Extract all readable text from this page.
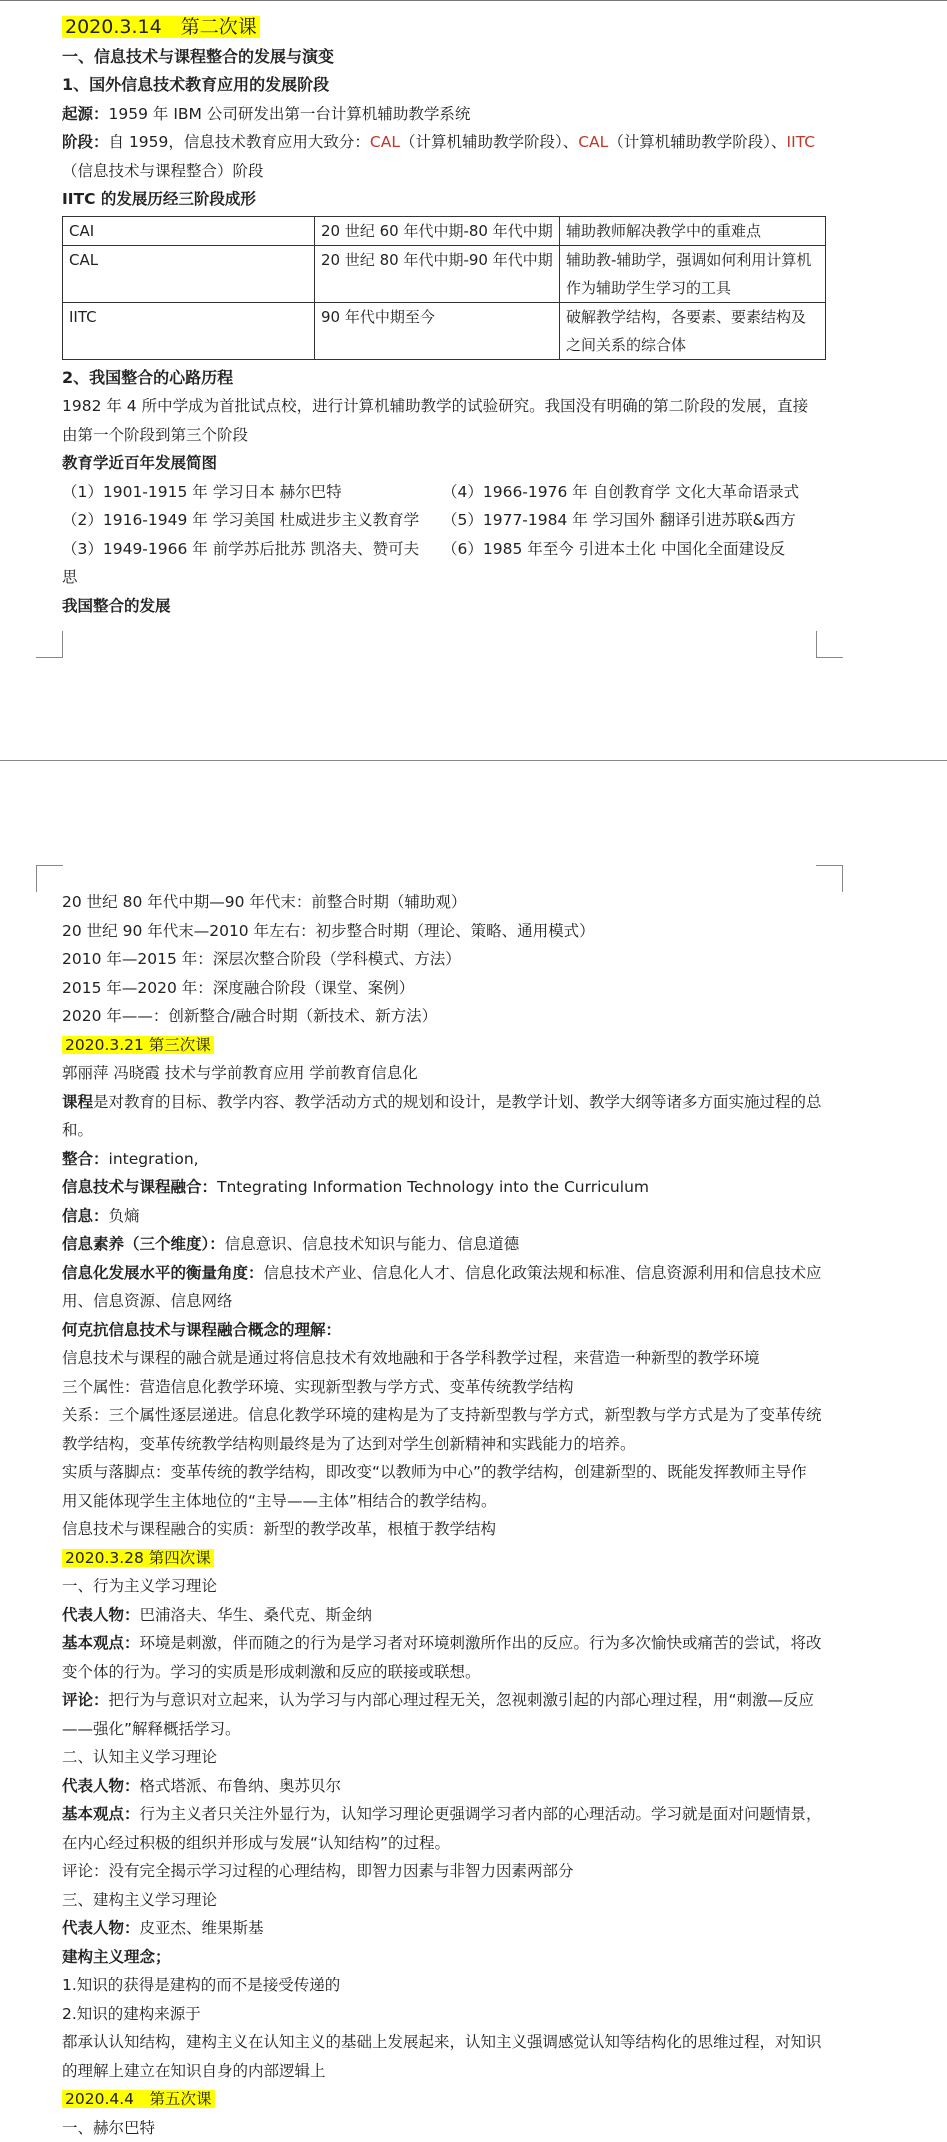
2020.3.14　第二次课
一、信息技术与课程整合的发展与演变
1、国外信息技术教育应用的发展阶段
起源：1959 年 IBM 公司研发出第一台计算机辅助教学系统
阶段：自 1959，信息技术教育应用大致分：CAL（计算机辅助教学阶段）、CAL（计算机辅助教学阶段）、IITC（信息技术与课程整合）阶段
IITC 的发展历经三阶段成形
CAI	20 世纪 60 年代中期-80 年代中期	辅助教师解决教学中的重难点
CAL	20 世纪 80 年代中期-90 年代中期	辅助教-辅助学，强调如何利用计算机作为辅助学生学习的工具
IITC	90 年代中期至今	破解教学结构，各要素、要素结构及之间关系的综合体
2、我国整合的心路历程
1982 年 4 所中学成为首批试点校，进行计算机辅助教学的试验研究。我国没有明确的第二阶段的发展，直接由第一个阶段到第三个阶段
教育学近百年发展简图
（1）1901-1915 年 学习日本 赫尔巴特
（2）1916-1949 年 学习美国 杜威进步主义教育学
（3）1949-1966 年 前学苏后批苏 凯洛夫、赞可夫
（4）1966-1976 年 自创教育学 文化大革命语录式
（5）1977-1984 年 学习国外 翻译引进苏联&西方
（6）1985 年至今 引进本土化 中国化全面建设反
思
我国整合的发展
20 世纪 80 年代中期—90 年代末：前整合时期（辅助观）
20 世纪 90 年代末—2010 年左右：初步整合时期（理论、策略、通用模式）
2010 年—2015 年：深层次整合阶段（学科模式、方法）
2015 年—2020 年：深度融合阶段（课堂、案例）
2020 年——：创新整合/融合时期（新技术、新方法）
2020.3.21 第三次课
郭丽萍 冯晓霞 技术与学前教育应用 学前教育信息化
课程是对教育的目标、教学内容、教学活动方式的规划和设计，是教学计划、教学大纲等诸多方面实施过程的总和。
整合：integration,
信息技术与课程融合：Tntegrating Information Technology into the Curriculum
信息：负熵
信息素养（三个维度）：信息意识、信息技术知识与能力、信息道德
信息化发展水平的衡量角度：信息技术产业、信息化人才、信息化政策法规和标准、信息资源利用和信息技术应用、信息资源、信息网络
何克抗信息技术与课程融合概念的理解：
信息技术与课程的融合就是通过将信息技术有效地融和于各学科教学过程，来营造一种新型的教学环境
三个属性：营造信息化教学环境、实现新型教与学方式、变革传统教学结构
关系：三个属性逐层递进。信息化教学环境的建构是为了支持新型教与学方式，新型教与学方式是为了变革传统教学结构，变革传统教学结构则最终是为了达到对学生创新精神和实践能力的培养。
实质与落脚点：变革传统的教学结构，即改变“以教师为中心”的教学结构，创建新型的、既能发挥教师主导作用又能体现学生主体地位的“主导——主体”相结合的教学结构。
信息技术与课程融合的实质：新型的教学改革，根植于教学结构
2020.3.28 第四次课
一、行为主义学习理论
代表人物：巴浦洛夫、华生、桑代克、斯金纳
基本观点：环境是刺激，伴而随之的行为是学习者对环境刺激所作出的反应。行为多次愉快或痛苦的尝试，将改变个体的行为。学习的实质是形成刺激和反应的联接或联想。
评论：把行为与意识对立起来，认为学习与内部心理过程无关，忽视刺激引起的内部心理过程，用“刺激—反应——强化”解释概括学习。
二、认知主义学习理论
代表人物：格式塔派、布鲁纳、奥苏贝尔
基本观点：行为主义者只关注外显行为，认知学习理论更强调学习者内部的心理活动。学习就是面对问题情景，在内心经过积极的组织并形成与发展“认知结构”的过程。
评论：没有完全揭示学习过程的心理结构，即智力因素与非智力因素两部分
三、建构主义学习理论
代表人物：皮亚杰、维果斯基
建构主义理念；
1.知识的获得是建构的而不是接受传递的
2.知识的建构来源于
都承认认知结构，建构主义在认知主义的基础上发展起来，认知主义强调感觉认知等结构化的思维过程，对知识的理解上建立在知识自身的内部逻辑上
2020.4.4　第五次课
一、赫尔巴特
